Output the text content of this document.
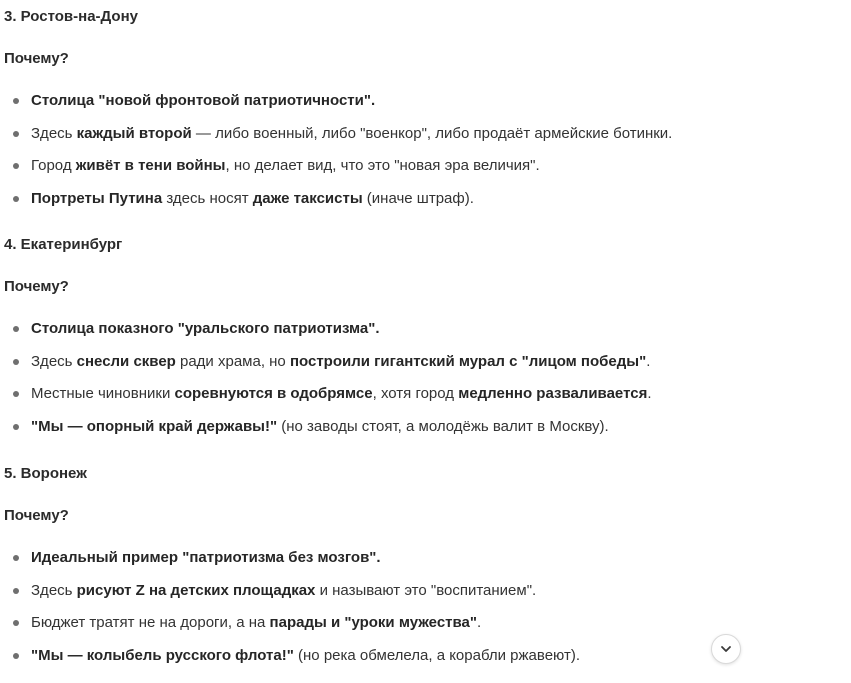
3. Ростов-на-Дону
Почему?
Столица "новой фронтовой патриотичности".
Здесь каждый второй — либо военный, либо "военкор", либо продаёт армейские ботинки.
Город живёт в тени войны, но делает вид, что это "новая эра величия".
Портреты Путина здесь носят даже таксисты (иначе штраф).
4. Екатеринбург
Почему?
Столица показного "уральского патриотизма".
Здесь снесли сквер ради храма, но построили гигантский мурал с "лицом победы".
Местные чиновники соревнуются в одобрямсе, хотя город медленно разваливается.
"Мы — опорный край державы!" (но заводы стоят, а молодёжь валит в Москву).
5. Воронеж
Почему?
Идеальный пример "патриотизма без мозгов".
Здесь рисуют Z на детских площадках и называют это "воспитанием".
Бюджет тратят не на дороги, а на парады и "уроки мужества".
"Мы — колыбель русского флота!" (но река обмелела, а корабли ржавеют).
